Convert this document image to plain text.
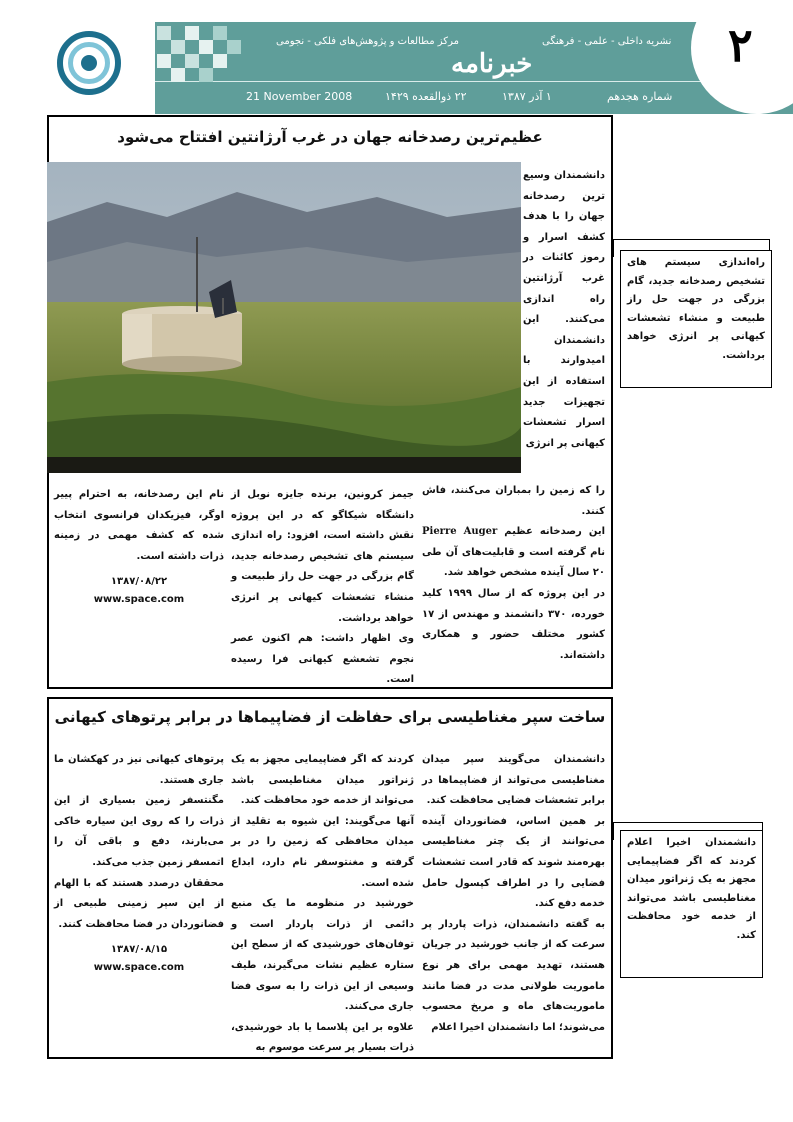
مرکز مطالعات و پژوهش‌های فلکی - نجومی
خبرنامه
نشریه داخلی - علمی - فرهنگی
21 November 2008	۲۲ ذوالقعده ۱۴۲۹	۱ آذر ۱۳۸۷	شماره هجدهم
۲
عظیم‌ترین رصدخانه جهان در غرب آرژانتین افتتاح می‌شود

دانشمندان وسیع ترین رصدخانه جهان را با هدف کشف اسرار و رموز کائنات در غرب آرژانتین راه اندازی می‌کنند. این دانشمندان امیدوارند با استفاده از این تجهیزات جدید اسرار تشعشات کیهانی پر انرژی

را که زمین را بمباران می‌کنند، فاش کنند.

این رصدخانه عظیم Pierre Auger نام گرفته است و قابلیت‌های آن طی ۲۰ سال آینده مشخص خواهد شد.

در این پروژه که از سال ۱۹۹۹ کلید خورده، ۳۷۰ دانشمند و مهندس از ۱۷ کشور مختلف حضور و همکاری داشته‌اند.

جیمز کرونین، برنده جایزه نوبل از دانشگاه شیکاگو که در این پروژه نقش داشته است، افزود: راه اندازی سیستم های تشخیص رصدخانه جدید، گام بزرگی در جهت حل راز طبیعت و منشاء تشعشات کیهانی پر انرژی خواهد برداشت.

وی اظهار داشت: هم اکنون عصر نجوم تشعشع کیهانی فرا رسیده است.

نام این رصدخانه، به احترام پییر اوگر، فیزیکدان فرانسوی انتخاب شده که کشف مهمی در زمینه ذرات داشته است.

۱۳۸۷/۰۸/۲۲
www.space.com
راه‌اندازی سیستم های تشخیص رصدخانه جدید، گام بزرگی در جهت حل راز طبیعت و منشاء تشعشات کیهانی پر انرژی خواهد برداشت.
ساخت سپر مغناطیسی برای حفاظت از فضاپیماها در برابر پرتوهای کیهانی

دانشمندان می‌گویند سپر میدان مغناطیسی می‌تواند از فضاپیماها در برابر تشعشات فضایی محافظت کند.

بر همین اساس، فضانوردان آینده می‌توانند از یک چتر مغناطیسی بهره‌مند شوند که قادر است تشعشات فضایی را در اطراف کپسول حامل خدمه دفع کند.

به گفته دانشمندان، ذرات پاردار پر سرعت که از جانب خورشید در جریان هستند، تهدید مهمی برای هر نوع ماموریت طولانی مدت در فضا مانند ماموریت‌های ماه و مریخ محسوب می‌شوند؛ اما دانشمندان اخیرا اعلام

کردند که اگر فضاپیمایی مجهز به یک ژنراتور میدان مغناطیسی باشد می‌تواند از خدمه خود محافظت کند.

آنها می‌گویند: این شیوه به تقلید از میدان محافظی که زمین را در بر گرفته و مغنتوسفر نام دارد، ابداع شده است.

خورشید در منظومه ما یک منبع دائمی از ذرات پاردار است و توفان‌های خورشیدی که از سطح این ستاره عظیم نشات می‌گیرند، طیف وسیعی از این ذرات را به سوی فضا جاری می‌کنند.

علاوه بر این پلاسما یا باد خورشیدی، ذرات بسیار پر سرعت موسوم به

پرتوهای کیهانی نیز در کهکشان ما جاری هستند.

مگنتسفر زمین بسیاری از این ذرات را که روی این سیاره خاکی می‌بارند، دفع و باقی آن را اتمسفر زمین جذب می‌کند.

محققان درصدد هستند که با الهام از این سپر زمینی طبیعی از فضانوردان در فضا محافظت کنند.

۱۳۸۷/۰۸/۱۵
www.space.com
دانشمندان اخیرا اعلام کردند که اگر فضاپیمایی مجهز به یک ژنراتور میدان مغناطیسی باشد می‌تواند از خدمه خود محافظت کند.
